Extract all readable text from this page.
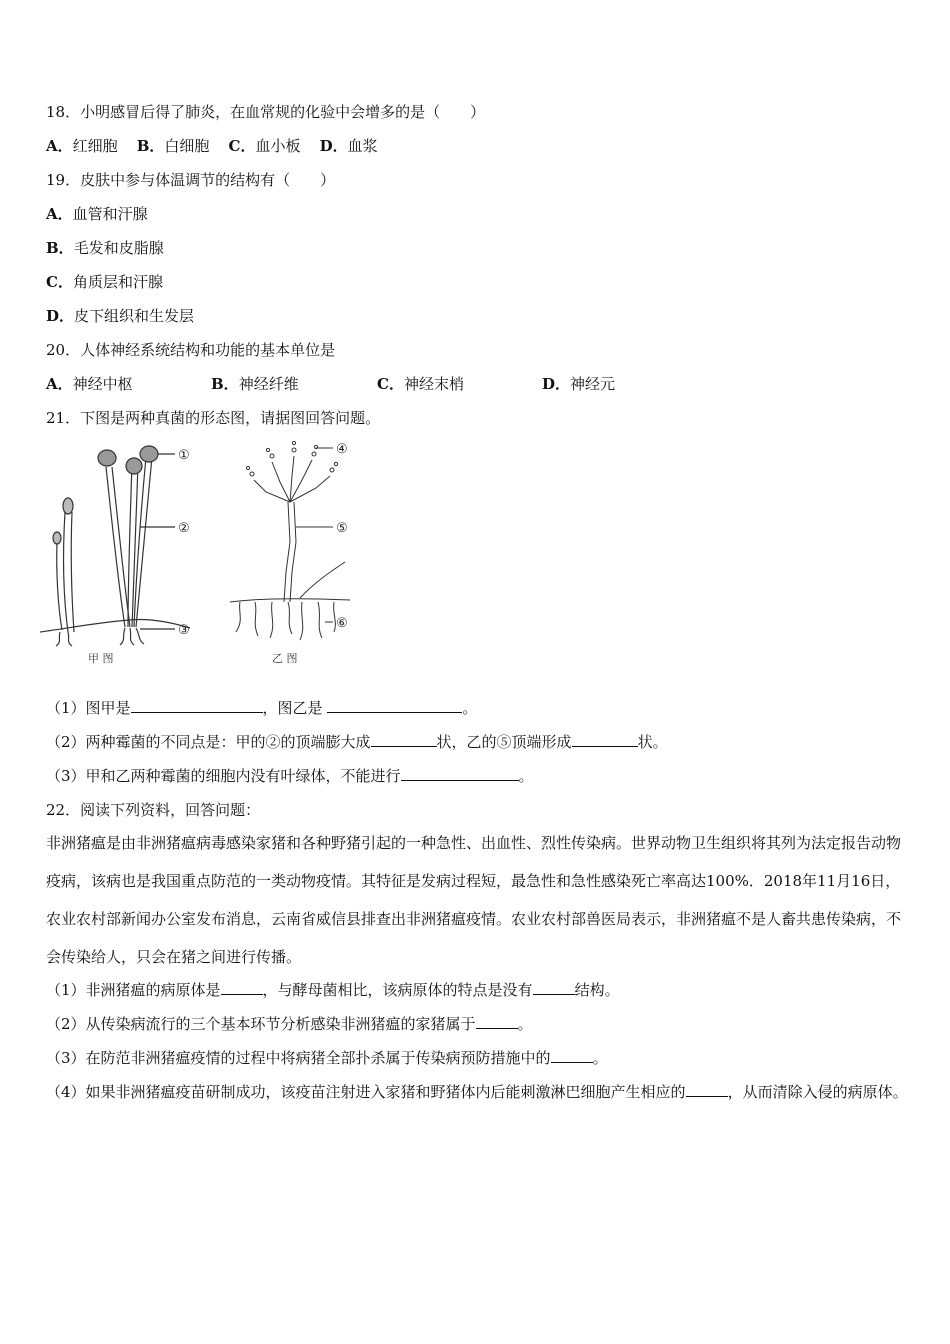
18．小明感冒后得了肺炎，在血常规的化验中会增多的是（　　）
A．红细胞 B．白细胞 C．血小板 D．血浆
19．皮肤中参与体温调节的结构有（　　）
A．血管和汗腺
B．毛发和皮脂腺
C．角质层和汗腺
D．皮下组织和生发层
20．人体神经系统结构和功能的基本单位是
A．神经中枢	B．神经纤维	C．神经末梢	D．神经元
21．下图是两种真菌的形态图，请据图回答问题。
①
②
③
甲 图
④
⑤
⑥
乙 图
（1）图甲是	，图乙是	。
（2）两种霉菌的不同点是：甲的②的顶端膨大成	状，乙的⑤顶端形成	状。
（3）甲和乙两种霉菌的细胞内没有叶绿体，不能进行	。
22．阅读下列资料，回答问题：
非洲猪瘟是由非洲猪瘟病毒感染家猪和各种野猪引起的一种急性、出血性、烈性传染病。世界动物卫生组织将其列为法定报告动物疫病，该病也是我国重点防范的一类动物疫情。其特征是发病过程短，最急性和急性感染死亡率高达100%．2018年11月16日，农业农村部新闻办公室发布消息，云南省威信县排查出非洲猪瘟疫情。农业农村部兽医局表示，非洲猪瘟不是人畜共患传染病，不会传染给人，只会在猪之间进行传播。
（1）非洲猪瘟的病原体是	，与酵母菌相比，该病原体的特点是没有	结构。
（2）从传染病流行的三个基本环节分析感染非洲猪瘟的家猪属于	。
（3）在防范非洲猪瘟疫情的过程中将病猪全部扑杀属于传染病预防措施中的	。
（4）如果非洲猪瘟疫苗研制成功，该疫苗注射进入家猪和野猪体内后能刺激淋巴细胞产生相应的	，从而清除入侵的病原体。
